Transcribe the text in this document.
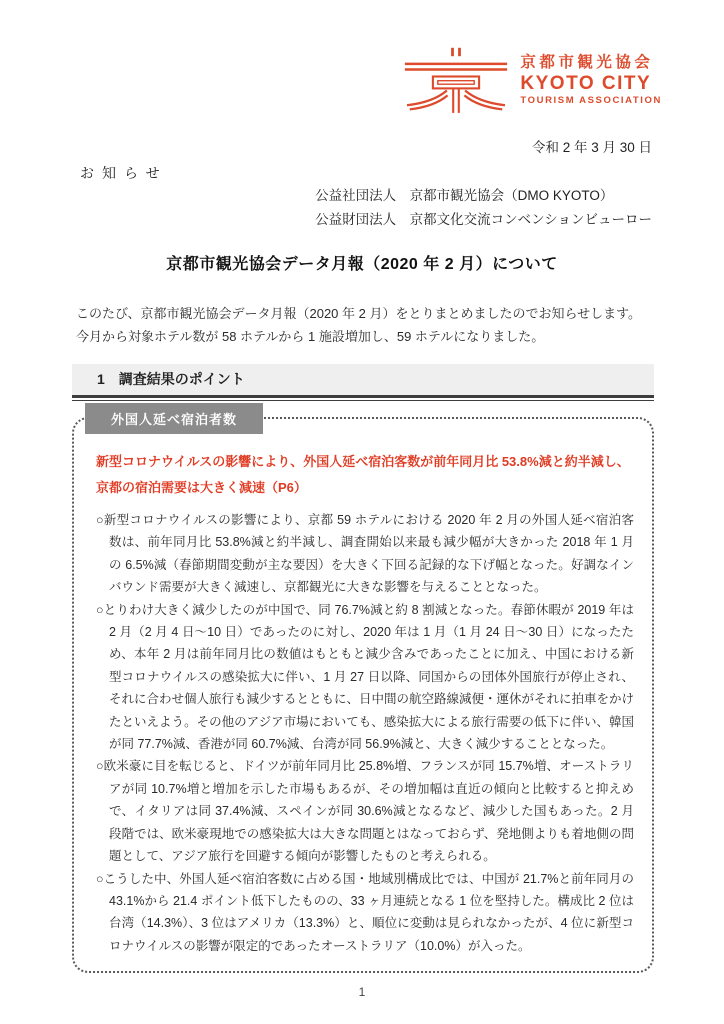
京都市観光協会
KYOTO CITY
TOURISM ASSOCIATION
令和 2 年 3 月 30 日
お知らせ
公益社団法人　京都市観光協会（DMO KYOTO）
公益財団法人　京都文化交流コンベンションビューロー
京都市観光協会データ月報（2020 年 2 月）について
このたび、京都市観光協会データ月報（2020 年 2 月）をとりまとめましたのでお知らせします。
今月から対象ホテル数が 58 ホテルから 1 施設増加し、59 ホテルになりました。
1　調査結果のポイント
外国人延べ宿泊者数
新型コロナウイルスの影響により、外国人延べ宿泊客数が前年同月比 53.8%減と約半減し、
京都の宿泊需要は大きく減速（P6）
○新型コロナウイルスの影響により、京都 59 ホテルにおける 2020 年 2 月の外国人延べ宿泊客数は、前年同月比 53.8%減と約半減し、調査開始以来最も減少幅が大きかった 2018 年 1 月の 6.5%減（春節期間変動が主な要因）を大きく下回る記録的な下げ幅となった。好調なインバウンド需要が大きく減速し、京都観光に大きな影響を与えることとなった。
○とりわけ大きく減少したのが中国で、同 76.7%減と約 8 割減となった。春節休暇が 2019 年は 2 月（2 月 4 日～10 日）であったのに対し、2020 年は 1 月（1 月 24 日～30 日）になったため、本年 2 月は前年同月比の数値はもともと減少含みであったことに加え、中国における新型コロナウイルスの感染拡大に伴い、1 月 27 日以降、同国からの団体外国旅行が停止され、それに合わせ個人旅行も減少するとともに、日中間の航空路線減便・運休がそれに拍車をかけたといえよう。その他のアジア市場においても、感染拡大による旅行需要の低下に伴い、韓国が同 77.7%減、香港が同 60.7%減、台湾が同 56.9%減と、大きく減少することとなった。
○欧米豪に目を転じると、ドイツが前年同月比 25.8%増、フランスが同 15.7%増、オーストラリアが同 10.7%増と増加を示した市場もあるが、その増加幅は直近の傾向と比較すると抑えめで、イタリアは同 37.4%減、スペインが同 30.6%減となるなど、減少した国もあった。2 月段階では、欧米豪現地での感染拡大は大きな問題とはなっておらず、発地側よりも着地側の問題として、アジア旅行を回避する傾向が影響したものと考えられる。
○こうした中、外国人延べ宿泊客数に占める国・地域別構成比では、中国が 21.7%と前年同月の 43.1%から 21.4 ポイント低下したものの、33 ヶ月連続となる 1 位を堅持した。構成比 2 位は台湾（14.3%）、3 位はアメリカ（13.3%）と、順位に変動は見られなかったが、4 位に新型コロナウイルスの影響が限定的であったオーストラリア（10.0%）が入った。
1
